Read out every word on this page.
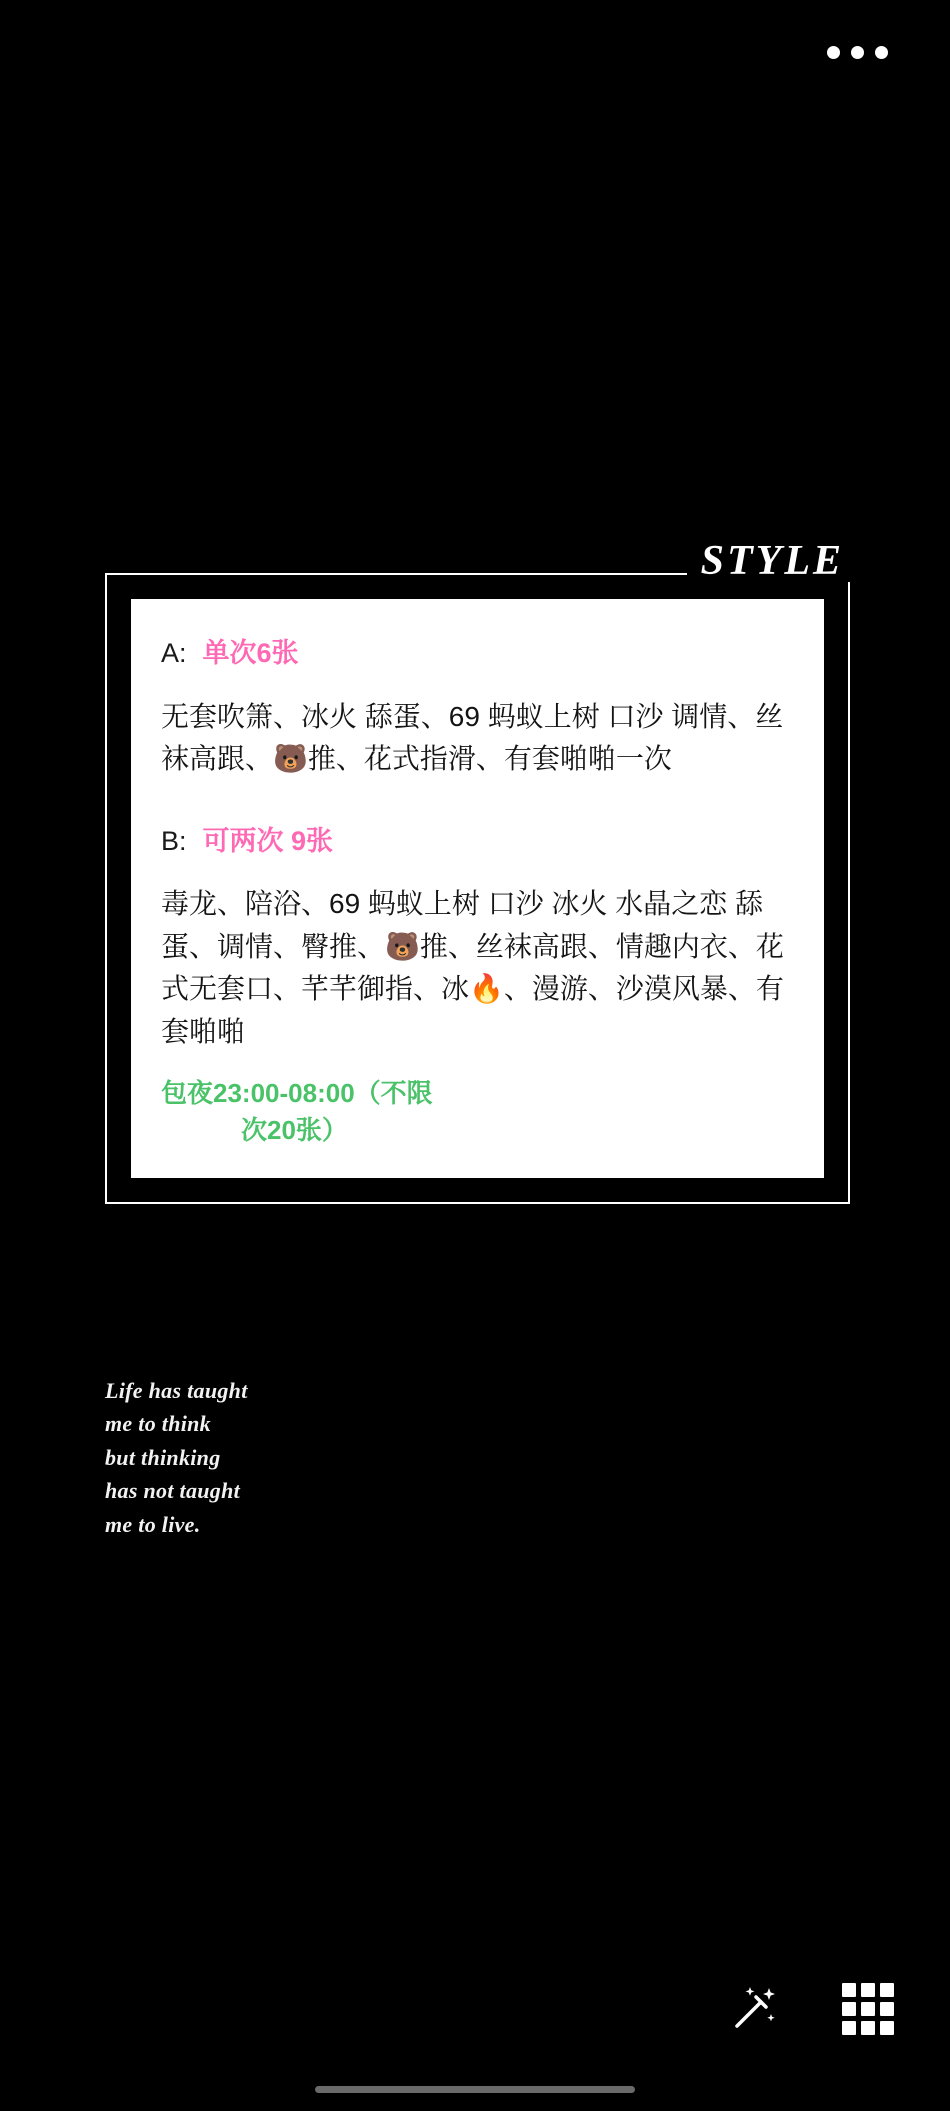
STYLE
A: 单次6张

无套吹箫、冰火 舔蛋、69 蚂蚁上树 口沙 调情、丝袜高跟、🐻推、花式指滑、有套啪啪一次

B: 可两次 9张

毒龙、陪浴、69 蚂蚁上树 口沙 冰火 水晶之恋 舔蛋、调情、臀推、🐻推、丝袜高跟、情趣内衣、花式无套口、芊芊御指、冰🔥、漫游、沙漠风暴、有套啪啪

包夜23:00-08:00（不限
次20张）
Life has taught
me to think
but thinking
has not taught
me to live.
